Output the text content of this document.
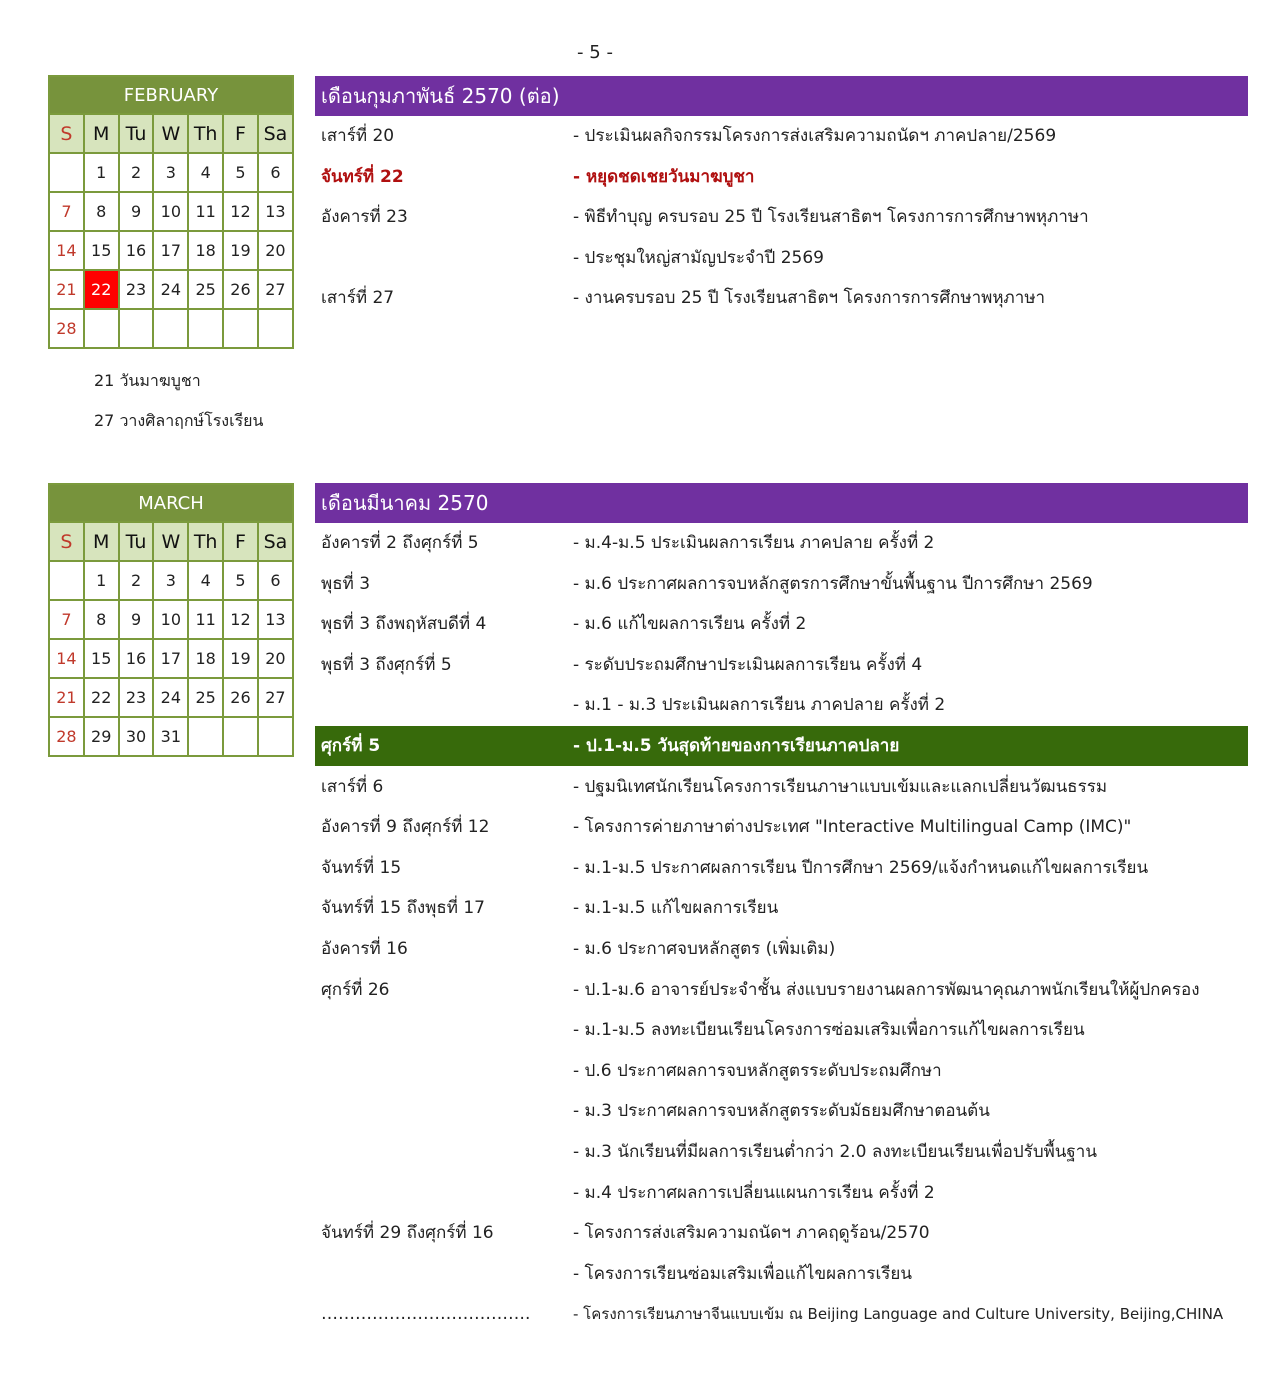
- 5 -
FEBRUARY						
S	M	Tu	W	Th	F	Sa
	1	2	3	4	5	6
7	8	9	10	11	12	13
14	15	16	17	18	19	20
21	22	23	24	25	26	27
28						
21 วันมาฆบูชา
27 วางศิลาฤกษ์โรงเรียน
MARCH						
S	M	Tu	W	Th	F	Sa
	1	2	3	4	5	6
7	8	9	10	11	12	13
14	15	16	17	18	19	20
21	22	23	24	25	26	27
28	29	30	31			
เดือนกุมภาพันธ์ 2570 (ต่อ)
เสาร์ที่ 20	- ประเมินผลกิจกรรมโครงการส่งเสริมความถนัดฯ ภาคปลาย/2569
จันทร์ที่ 22	- หยุดชดเชยวันมาฆบูชา
อังคารที่ 23	- พิธีทำบุญ ครบรอบ 25 ปี โรงเรียนสาธิตฯ โครงการการศึกษาพหุภาษา
- ประชุมใหญ่สามัญประจำปี 2569
เสาร์ที่ 27	- งานครบรอบ 25 ปี โรงเรียนสาธิตฯ โครงการการศึกษาพหุภาษา
เดือนมีนาคม 2570
อังคารที่ 2 ถึงศุกร์ที่ 5	- ม.4-ม.5 ประเมินผลการเรียน ภาคปลาย ครั้งที่ 2
พุธที่ 3	- ม.6 ประกาศผลการจบหลักสูตรการศึกษาขั้นพื้นฐาน ปีการศึกษา 2569
พุธที่ 3 ถึงพฤหัสบดีที่ 4	- ม.6 แก้ไขผลการเรียน ครั้งที่ 2
พุธที่ 3 ถึงศุกร์ที่ 5	- ระดับประถมศึกษาประเมินผลการเรียน ครั้งที่ 4
- ม.1 - ม.3 ประเมินผลการเรียน ภาคปลาย ครั้งที่ 2
ศุกร์ที่ 5	- ป.1-ม.5 วันสุดท้ายของการเรียนภาคปลาย
เสาร์ที่ 6	- ปฐมนิเทศนักเรียนโครงการเรียนภาษาแบบเข้มและแลกเปลี่ยนวัฒนธรรม
อังคารที่ 9 ถึงศุกร์ที่ 12	- โครงการค่ายภาษาต่างประเทศ "Interactive Multilingual Camp (IMC)"
จันทร์ที่ 15	- ม.1-ม.5 ประกาศผลการเรียน ปีการศึกษา 2569/แจ้งกำหนดแก้ไขผลการเรียน
จันทร์ที่ 15 ถึงพุธที่ 17	- ม.1-ม.5 แก้ไขผลการเรียน
อังคารที่ 16	- ม.6 ประกาศจบหลักสูตร (เพิ่มเติม)
ศุกร์ที่ 26	- ป.1-ม.6 อาจารย์ประจำชั้น ส่งแบบรายงานผลการพัฒนาคุณภาพนักเรียนให้ผู้ปกครอง
- ม.1-ม.5 ลงทะเบียนเรียนโครงการซ่อมเสริมเพื่อการแก้ไขผลการเรียน
- ป.6 ประกาศผลการจบหลักสูตรระดับประถมศึกษา
- ม.3 ประกาศผลการจบหลักสูตรระดับมัธยมศึกษาตอนต้น
- ม.3 นักเรียนที่มีผลการเรียนต่ำกว่า 2.0 ลงทะเบียนเรียนเพื่อปรับพื้นฐาน
- ม.4 ประกาศผลการเปลี่ยนแผนการเรียน ครั้งที่ 2
จันทร์ที่ 29 ถึงศุกร์ที่ 16	- โครงการส่งเสริมความถนัดฯ ภาคฤดูร้อน/2570
- โครงการเรียนซ่อมเสริมเพื่อแก้ไขผลการเรียน
……………………………….	- โครงการเรียนภาษาจีนแบบเข้ม ณ Beijing Language and Culture University, Beijing,CHINA
